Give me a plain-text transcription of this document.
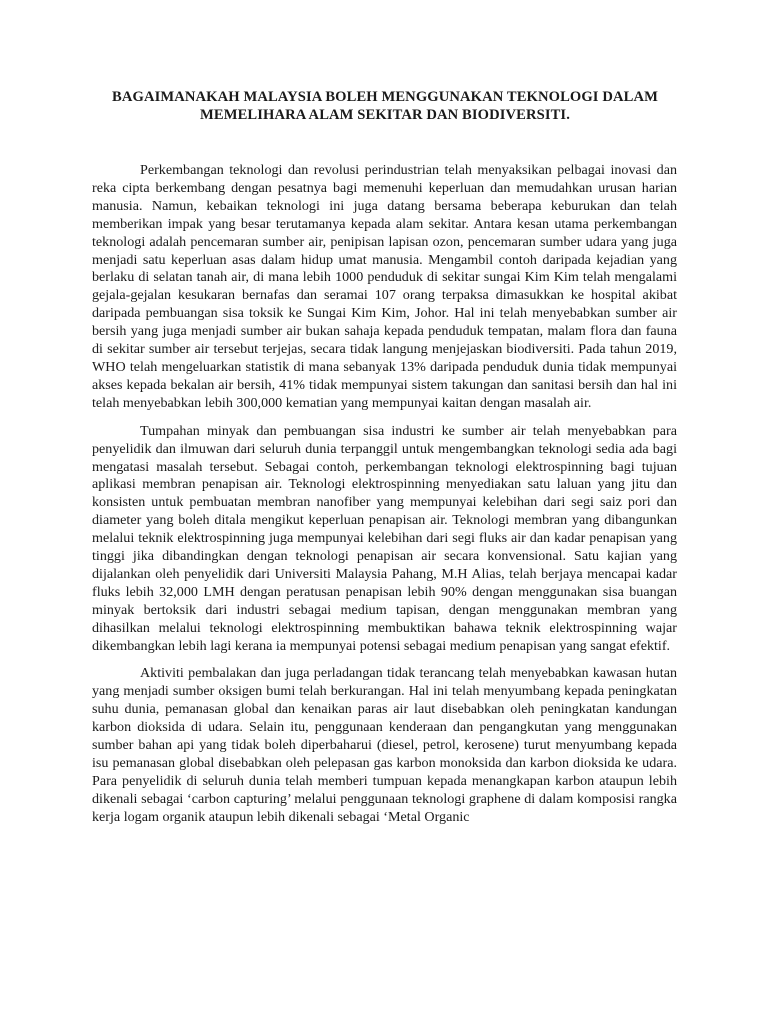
BAGAIMANAKAH MALAYSIA BOLEH MENGGUNAKAN TEKNOLOGI DALAM MEMELIHARA ALAM SEKITAR DAN BIODIVERSITI.

Perkembangan teknologi dan revolusi perindustrian telah menyaksikan pelbagai inovasi dan reka cipta berkembang dengan pesatnya bagi memenuhi keperluan dan memudahkan urusan harian manusia. Namun, kebaikan teknologi ini juga datang bersama beberapa keburukan dan telah memberikan impak yang besar terutamanya kepada alam sekitar. Antara kesan utama perkembangan teknologi adalah pencemaran sumber air, penipisan lapisan ozon, pencemaran sumber udara yang juga menjadi satu keperluan asas dalam hidup umat manusia. Mengambil contoh daripada kejadian yang berlaku di selatan tanah air, di mana lebih 1000 penduduk di sekitar sungai Kim Kim telah mengalami gejala-gejalan kesukaran bernafas dan seramai 107 orang terpaksa dimasukkan ke hospital akibat daripada pembuangan sisa toksik ke Sungai Kim Kim, Johor. Hal ini telah menyebabkan sumber air bersih yang juga menjadi sumber air bukan sahaja kepada penduduk tempatan, malam flora dan fauna di sekitar sumber air tersebut terjejas, secara tidak langung menjejaskan biodiversiti. Pada tahun 2019, WHO telah mengeluarkan statistik di mana sebanyak 13% daripada penduduk dunia tidak mempunyai akses kepada bekalan air bersih, 41% tidak mempunyai sistem takungan dan sanitasi bersih dan hal ini telah menyebabkan lebih 300,000 kematian yang mempunyai kaitan dengan masalah air.

Tumpahan minyak dan pembuangan sisa industri ke sumber air telah menyebabkan para penyelidik dan ilmuwan dari seluruh dunia terpanggil untuk mengembangkan teknologi sedia ada bagi mengatasi masalah tersebut. Sebagai contoh, perkembangan teknologi elektrospinning bagi tujuan aplikasi membran penapisan air. Teknologi elektrospinning menyediakan satu laluan yang jitu dan konsisten untuk pembuatan membran nanofiber yang mempunyai kelebihan dari segi saiz pori dan diameter yang boleh ditala mengikut keperluan penapisan air. Teknologi membran yang dibangunkan melalui teknik elektrospinning juga mempunyai kelebihan dari segi fluks air dan kadar penapisan yang tinggi jika dibandingkan dengan teknologi penapisan air secara konvensional. Satu kajian yang dijalankan oleh penyelidik dari Universiti Malaysia Pahang, M.H Alias, telah berjaya mencapai kadar fluks lebih 32,000 LMH dengan peratusan penapisan lebih 90% dengan menggunakan sisa buangan minyak bertoksik dari industri sebagai medium tapisan, dengan menggunakan membran yang dihasilkan melalui teknologi elektrospinning membuktikan bahawa teknik elektrospinning wajar dikembangkan lebih lagi kerana ia mempunyai potensi sebagai medium penapisan yang sangat efektif.

Aktiviti pembalakan dan juga perladangan tidak terancang telah menyebabkan kawasan hutan yang menjadi sumber oksigen bumi telah berkurangan. Hal ini telah menyumbang kepada peningkatan suhu dunia, pemanasan global dan kenaikan paras air laut disebabkan oleh peningkatan kandungan karbon dioksida di udara. Selain itu, penggunaan kenderaan dan pengangkutan yang menggunakan sumber bahan api yang tidak boleh diperbaharui (diesel, petrol, kerosene) turut menyumbang kepada isu pemanasan global disebabkan oleh pelepasan gas karbon monoksida dan karbon dioksida ke udara. Para penyelidik di seluruh dunia telah memberi tumpuan kepada menangkapan karbon ataupun lebih dikenali sebagai ‘carbon capturing’ melalui penggunaan teknologi graphene di dalam komposisi rangka kerja logam organik ataupun lebih dikenali sebagai ‘Metal Organic
